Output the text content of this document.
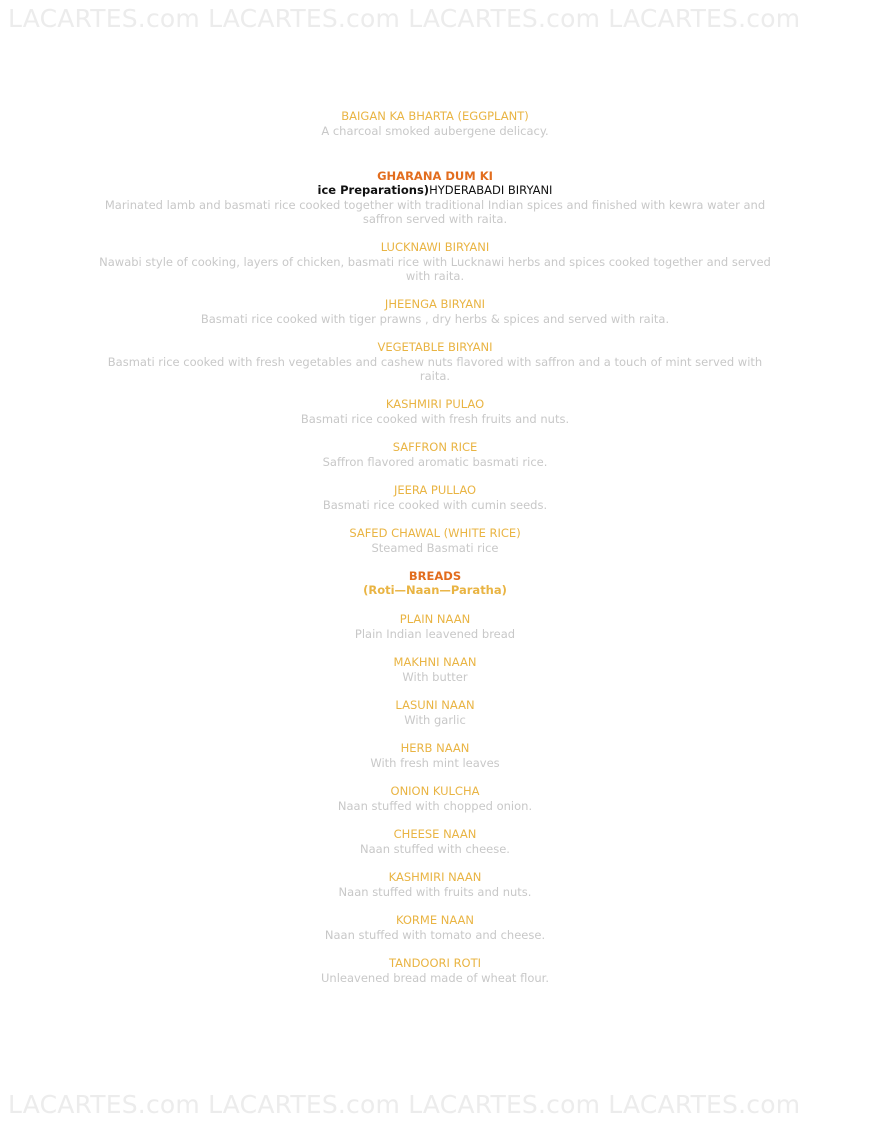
LACARTES.com LACARTES.com LACARTES.com LACARTES.com
BAIGAN KA BHARTA (EGGPLANT)
A charcoal smoked aubergene delicacy.
GHARANA DUM KI
ice Preparations)HYDERABADI BIRYANI
Marinated lamb and basmati rice cooked together with traditional Indian spices and finished with kewra water and saffron served with raita.
LUCKNAWI BIRYANI
Nawabi style of cooking, layers of chicken, basmati rice with Lucknawi herbs and spices cooked together and served with raita.
JHEENGA BIRYANI
Basmati rice cooked with tiger prawns , dry herbs & spices and served with raita.
VEGETABLE BIRYANI
Basmati rice cooked with fresh vegetables and cashew nuts flavored with saffron and a touch of mint served with raita.
KASHMIRI PULAO
Basmati rice cooked with fresh fruits and nuts.
SAFFRON RICE
Saffron flavored aromatic basmati rice.
JEERA PULLAO
Basmati rice cooked with cumin seeds.
SAFED CHAWAL (WHITE RICE)
Steamed Basmati rice
BREADS
(Roti—Naan—Paratha)
PLAIN NAAN
Plain Indian leavened bread
MAKHNI NAAN
With butter
LASUNI NAAN
With garlic
HERB NAAN
With fresh mint leaves
ONION KULCHA
Naan stuffed with chopped onion.
CHEESE NAAN
Naan stuffed with cheese.
KASHMIRI NAAN
Naan stuffed with fruits and nuts.
KORME NAAN
Naan stuffed with tomato and cheese.
TANDOORI ROTI
Unleavened bread made of wheat flour.
LACARTES.com LACARTES.com LACARTES.com LACARTES.com
